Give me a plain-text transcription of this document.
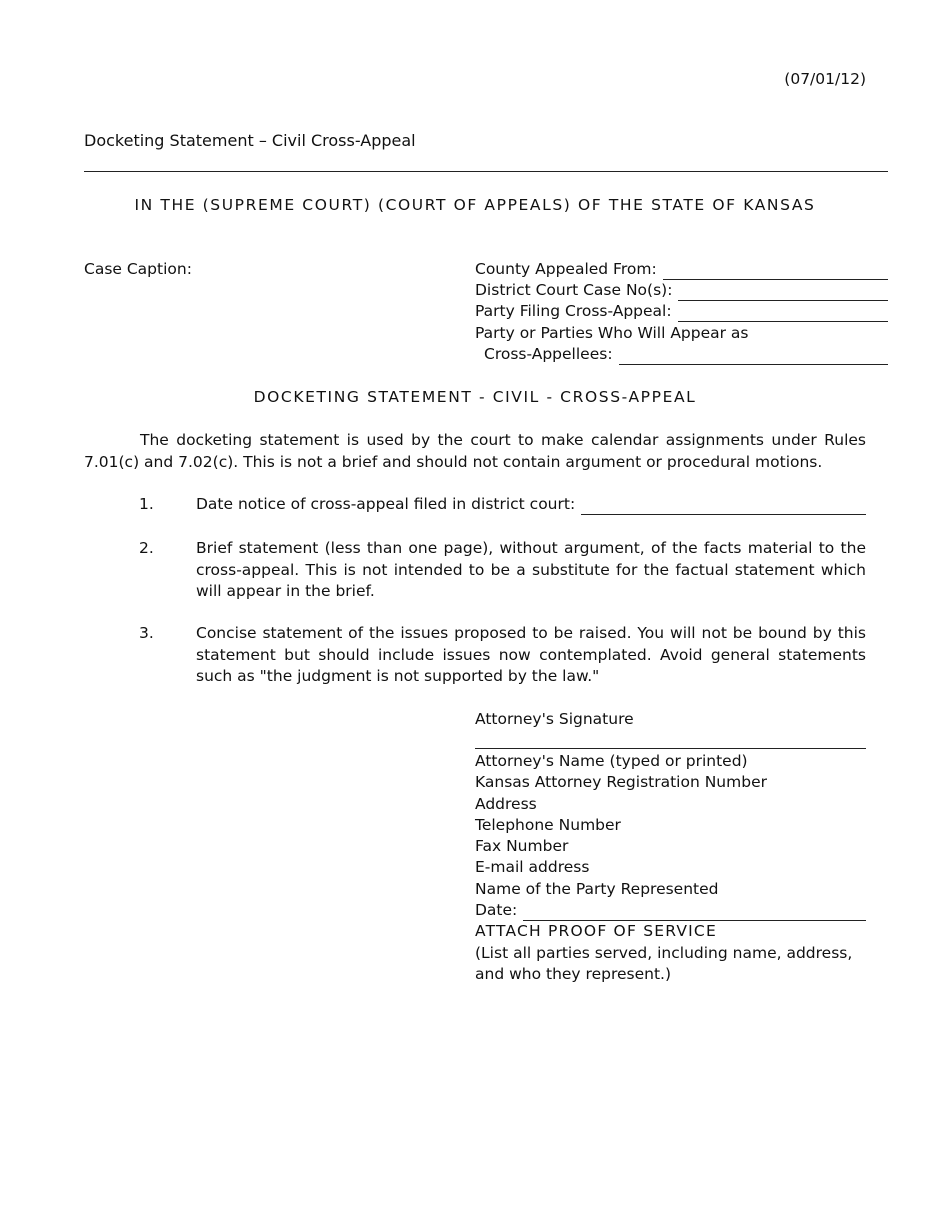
(07/01/12)
Docketing Statement – Civil Cross-Appeal
IN THE (SUPREME COURT) (COURT OF APPEALS) OF THE STATE OF KANSAS
Case Caption:	County Appealed From:
District Court Case No(s):
Party Filing Cross-Appeal:
Party or Parties Who Will Appear as
Cross-Appellees:
DOCKETING STATEMENT - CIVIL - CROSS-APPEAL
The docketing statement is used by the court to make calendar assignments under Rules 7.01(c) and 7.02(c). This is not a brief and should not contain argument or procedural motions.
1.	Date notice of cross-appeal filed in district court:
2.	Brief statement (less than one page), without argument, of the facts material to the cross-appeal. This is not intended to be a substitute for the factual statement which will appear in the brief.
3.	Concise statement of the issues proposed to be raised. You will not be bound by this statement but should include issues now contemplated. Avoid general statements such as "the judgment is not supported by the law."
Attorney's Signature
Attorney's Name (typed or printed)
Kansas Attorney Registration Number
Address
Telephone Number
Fax Number
E-mail address
Name of the Party Represented
Date:
ATTACH PROOF OF SERVICE
(List all parties served, including name, address,
and who they represent.)
